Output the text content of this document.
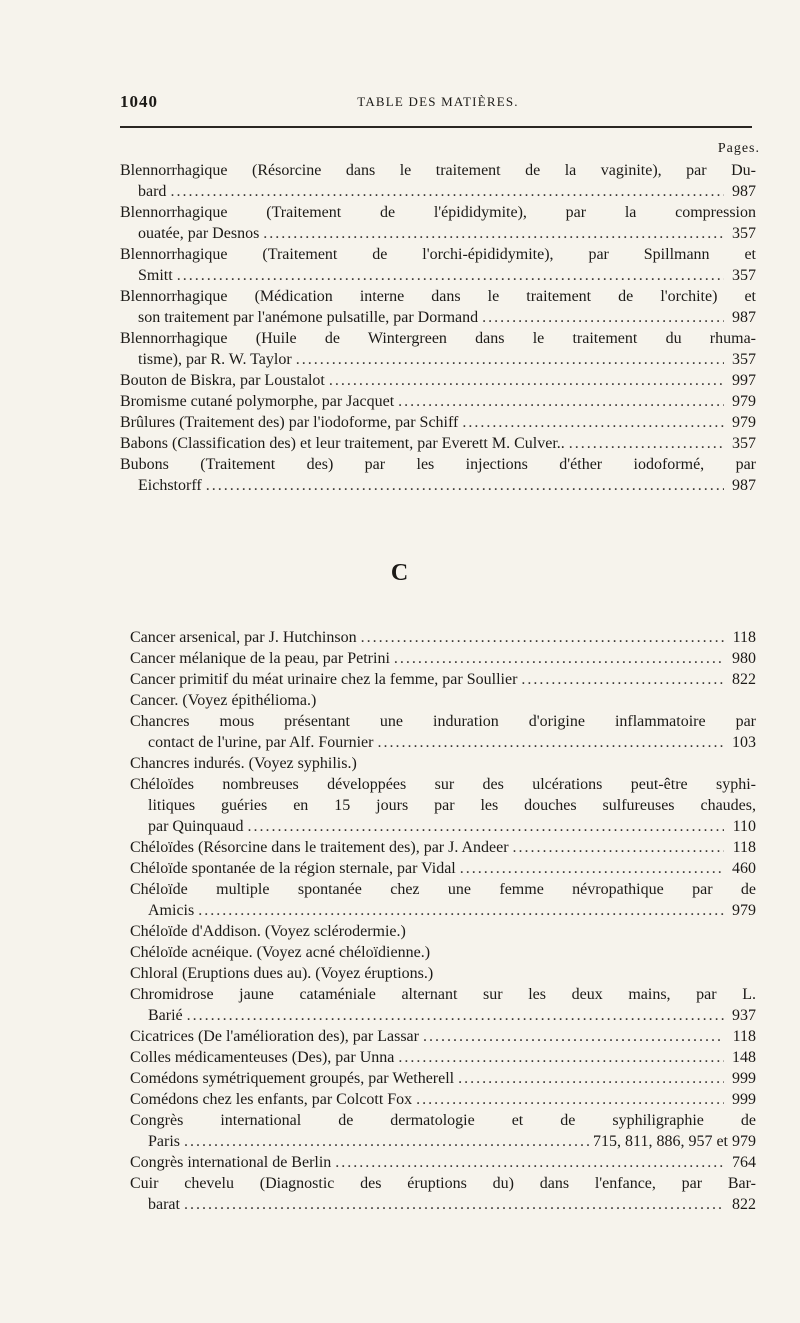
1040	TABLE DES MATIÈRES.
Pages.
Blennorrhagique (Résorcine dans le traitement de la vaginite), par Du-
bard .....	987
Blennorrhagique (Traitement de l'épididymite), par la compression
ouatée, par Desnos .....	357
Blennorrhagique (Traitement de l'orchi-épididymite), par Spillmann et
Smitt .....	357
Blennorrhagique (Médication interne dans le traitement de l'orchite) et
son traitement par l'anémone pulsatille, par Dormand .....	987
Blennorrhagique (Huile de Wintergreen dans le traitement du rhuma-
tisme), par R. W. Taylor .....	357
Bouton de Biskra, par Loustalot .....	997
Bromisme cutané polymorphe, par Jacquet .....	979
Brûlures (Traitement des) par l'iodoforme, par Schiff .....	979
Babons (Classification des) et leur traitement, par Everett M. Culver.. .....	357
Bubons (Traitement des) par les injections d'éther iodoformé, par
Eichstorff .....	987
C
Cancer arsenical, par J. Hutchinson .....	118
Cancer mélanique de la peau, par Petrini .....	980
Cancer primitif du méat urinaire chez la femme, par Soullier .....	822
Cancer. (Voyez épithélioma.)
Chancres mous présentant une induration d'origine inflammatoire par
contact de l'urine, par Alf. Fournier .....	103
Chancres indurés. (Voyez syphilis.)
Chéloïdes nombreuses développées sur des ulcérations peut-être syphi-
litiques guéries en 15 jours par les douches sulfureuses chaudes,
par Quinquaud .....	110
Chéloïdes (Résorcine dans le traitement des), par J. Andeer .....	118
Chéloïde spontanée de la région sternale, par Vidal .....	460
Chéloïde multiple spontanée chez une femme névropathique par de
Amicis .....	979
Chéloïde d'Addison. (Voyez sclérodermie.)
Chéloïde acnéique. (Voyez acné chéloïdienne.)
Chloral (Eruptions dues au). (Voyez éruptions.)
Chromidrose jaune cataméniale alternant sur les deux mains, par L.
Barié .....	937
Cicatrices (De l'amélioration des), par Lassar .....	118
Colles médicamenteuses (Des), par Unna .....	148
Comédons symétriquement groupés, par Wetherell .....	999
Comédons chez les enfants, par Colcott Fox .....	999
Congrès international de dermatologie et de syphiligraphie de
Paris .....	715, 811, 886, 957 et 979
Congrès international de Berlin .....	764
Cuir chevelu (Diagnostic des éruptions du) dans l'enfance, par Bar-
barat .....	822
